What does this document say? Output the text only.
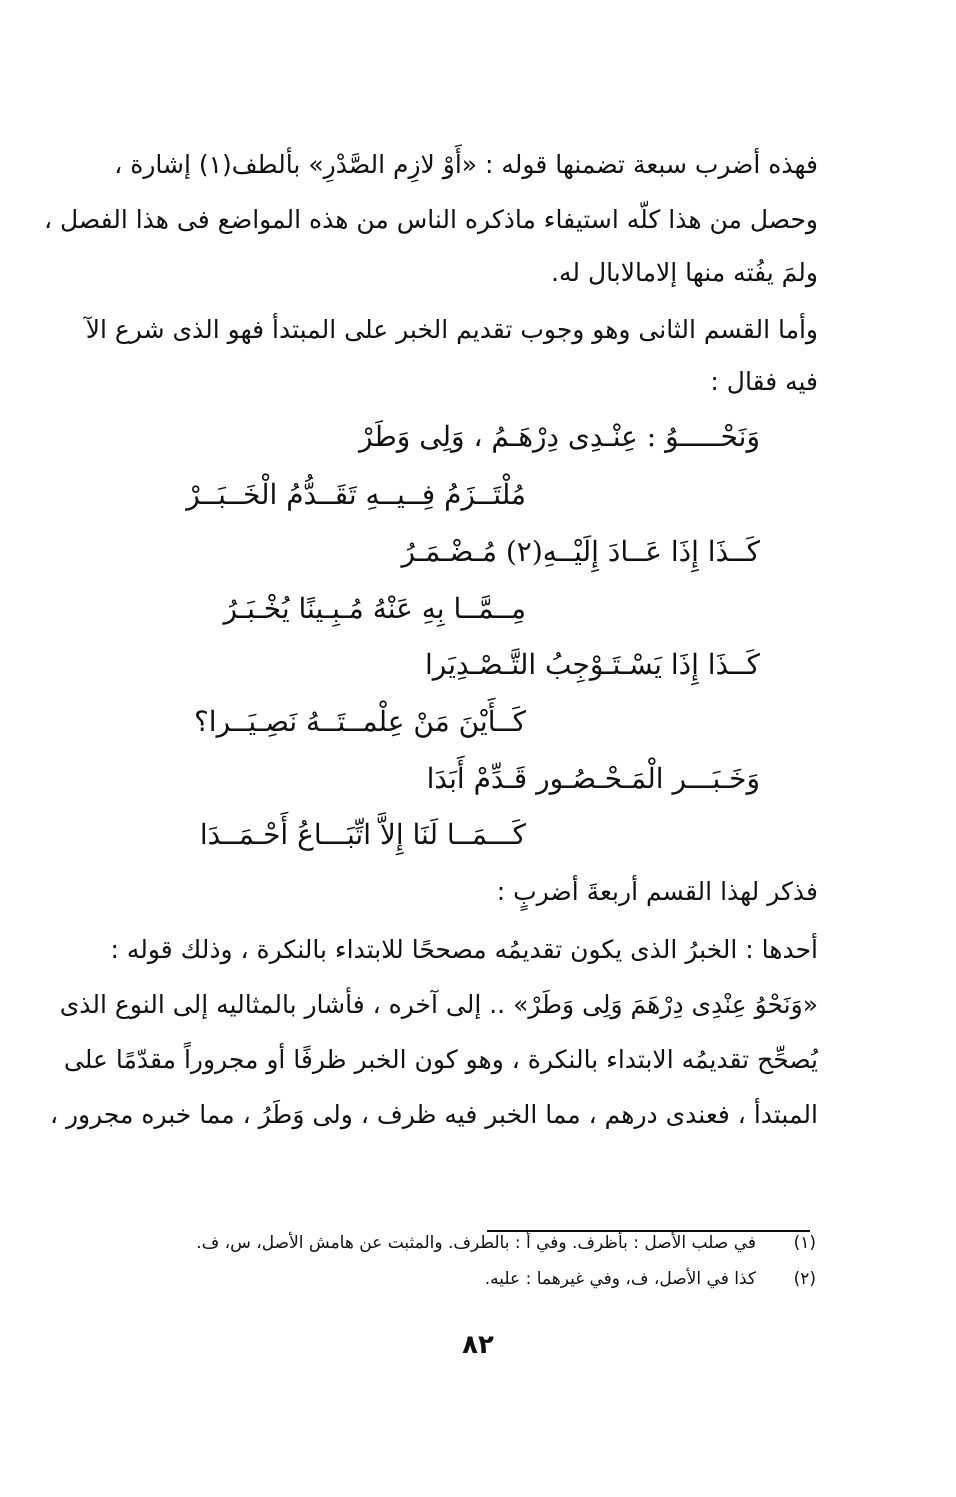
فهذه أضرب سبعة تضمنها قوله : «أَوْ لازِم الصَّدْرِ» بألطف(١) إشارة ،
وحصل من هذا كلّه استيفاء ماذكره الناس من هذه المواضع فى هذا الفصل ،
ولمَ يفُته منها إلامالابال له.
وأما القسم الثانى وهو وجوب تقديم الخبر على المبتدأ فهو الذى شرع الآ
فيه فقال :
وَنَحْـــــوُ : عِنْـدِى دِرْهَـمُ ، وَلِى وَطَرْ
مُلْتَــزَمُ فِــيــهِ تَقَــدُّمُ الْخَــبَــرْ
كَــذَا إِذَا عَــادَ إِلَيْــهِ(٢) مُـضْـمَـرُ
مِــمَّــا بِهِ عَنْهُ مُـبِـينًا يُخْـبَـرُ
كَــذَا إِذَا يَسْـتَـوْجِبُ التَّـصْـدِيَرا
كَــأَيْنَ مَنْ عِلْمــتَــهُ نَصِـيَــرا؟
وَخَـبَـــر الْمَـحْـصُـور قَـدِّمْ أَبَدَا
كَـــمَــا لَنَا إِلاَّ اتِّبَـــاعُ أَحْـمَــدَا
فذكر لهذا القسم أربعةَ أضربٍ :
أحدها : الخبرُ الذى يكون تقديمُه مصححًا للابتداء بالنكرة ، وذلك قوله :
«وَنَحْوُ عِنْدِى دِرْهَمَ وَلِى وَطَرْ» .. إلى آخره ، فأشار بالمثاليه إلى النوع الذى
يُصحِّح تقديمُه الابتداء بالنكرة ، وهو كون الخبر ظرفًا أو مجروراً مقدّمًا على
المبتدأ ، فعندى درهم ، مما الخبر فيه ظرف ، ولى وَطَرُ ، مما خبره مجرور ،
(١)
في صلب الأصل : بأظرف. وفي أ : بالطرف. والمثبت عن هامش الأصل، س، ف.
(٢)
كذا في الأصل، ف، وفي غيرهما : عليه.
٨٢
